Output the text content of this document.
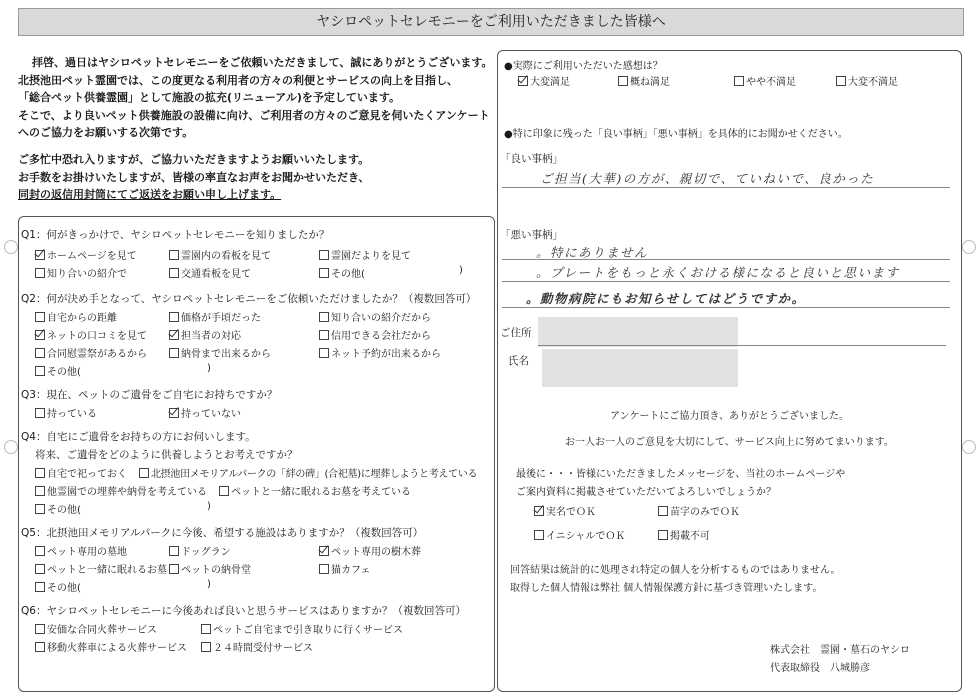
ヤシロペットセレモニーをご利用いただきました皆様へ
拝啓、過日はヤシロペットセレモニーをご依頼いただきまして、誠にありがとうございます。
北摂池田ペット霊園では、この度更なる利用者の方々の利便とサービスの向上を目指し、
「総合ペット供養霊園」として施設の拡充(リニューアル)を予定しています。
そこで、より良いペット供養施設の設備に向け、ご利用者の方々のご意見を伺いたくアンケート
へのご協力をお願いする次第です。
ご多忙中恐れ入りますが、ご協力いただきますようお願いいたします。
お手数をお掛けいたしますが、皆様の率直なお声をお聞かせいただき、
同封の返信用封筒にてご返送をお願い申し上げます。
Q1：何がきっかけで、ヤシロペットセレモニーを知りましたか？
ホームページを見て	霊園内の看板を見て	霊園だよりを見て
知り合いの紹介で	交通看板を見て	その他(	)
Q2：何が決め手となって、ヤシロペットセレモニーをご依頼いただけましたか？（複数回答可）
自宅からの距離	価格が手頃だった	知り合いの紹介だから
ネットの口コミを見て	担当者の対応	信用できる会社だから
合同慰霊祭があるから	納骨まで出来るから	ネット予約が出来るから
その他(	)
Q3：現在、ペットのご遺骨をご自宅にお持ちですか？
持っている	持っていない
Q4：自宅にご遺骨をお持ちの方にお伺いします。
将来、ご遺骨をどのように供養しようとお考えですか？
自宅で祀っておく	北摂池田メモリアルパークの「絆の碑」(合祀墓)に埋葬しようと考えている
他霊園での埋葬や納骨を考えている	ペットと一緒に眠れるお墓を考えている
その他(	)
Q5：北摂池田メモリアルパークに今後、希望する施設はありますか？（複数回答可）
ペット専用の墓地	ドッグラン	ペット専用の樹木葬
ペットと一緒に眠れるお墓	ペットの納骨堂	猫カフェ
その他(	)
Q6：ヤシロペットセレモニーに今後あれば良いと思うサービスはありますか？（複数回答可）
安価な合同火葬サービス	ペットご自宅まで引き取りに行くサービス
移動火葬車による火葬サービス	２４時間受付サービス
●実際にご利用いただいた感想は？
大変満足	概ね満足	やや不満足	大変不満足
●特に印象に残った「良い事柄」「悪い事柄」を具体的にお聞かせください。
「良い事柄」
ご担当(大華)の方が、親切で、ていねいで、良かった
「悪い事柄」
。特にありません
。プレートをもっと永くおける様になると良いと思います
。動物病院にもお知らせしてはどうですか。
ご住所
氏名
アンケートにご協力頂き、ありがとうございました。
お一人お一人のご意見を大切にして、サービス向上に努めてまいります。
最後に・・・皆様にいただきましたメッセージを、当社のホームページや
ご案内資料に掲載させていただいてよろしいでしょうか？
実名でＯＫ	苗字のみでＯＫ
イニシャルでＯＫ	掲載不可
回答結果は統計的に処理され特定の個人を分析するものではありません。
取得した個人情報は弊社 個人情報保護方針に基づき管理いたします。
株式会社　霊園・墓石のヤシロ
代表取締役　八城勝彦
